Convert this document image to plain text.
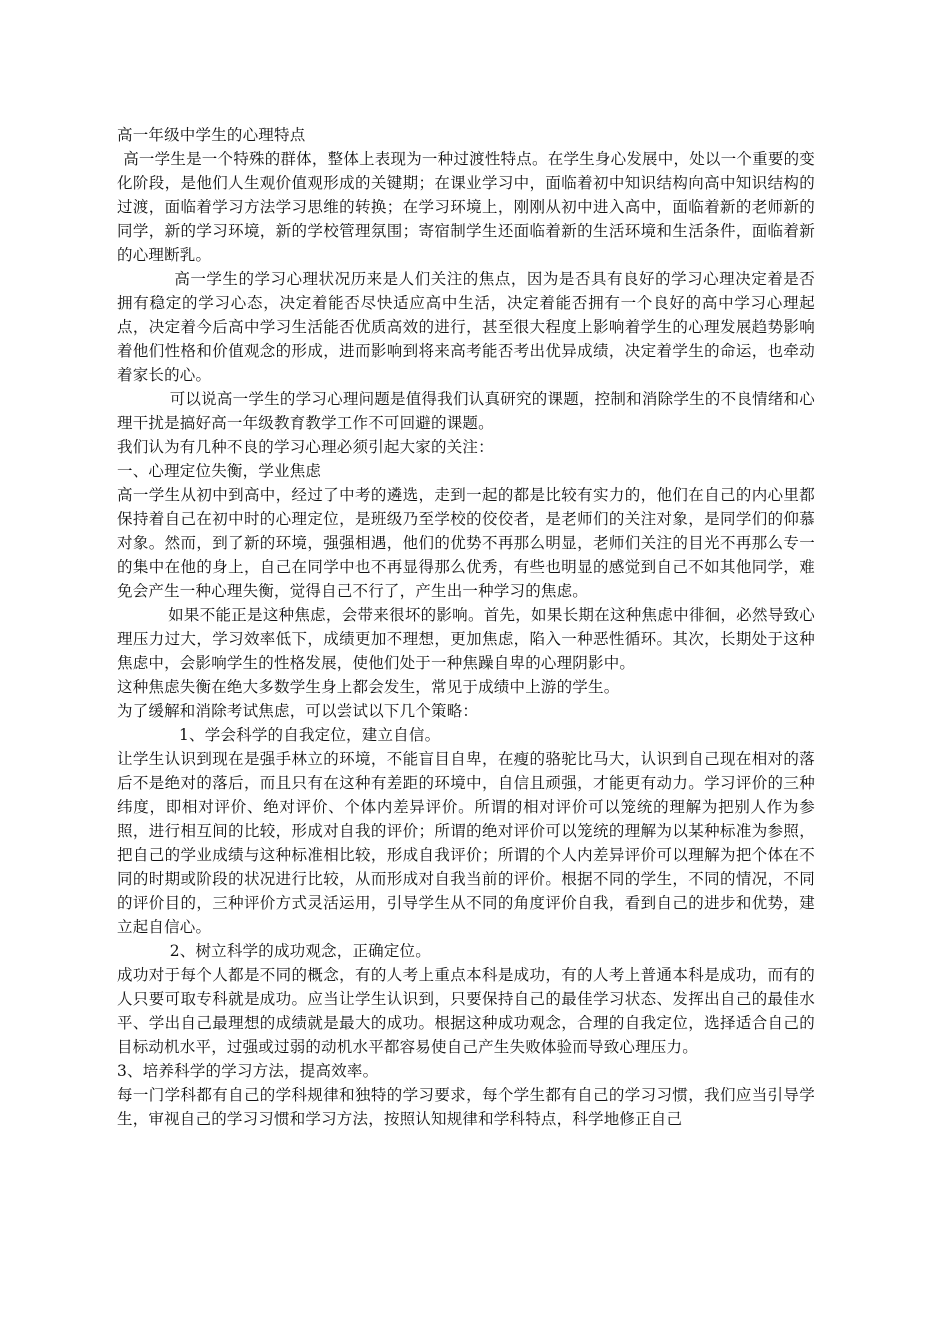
高一年级中学生的心理特点

高一学生是一个特殊的群体，整体上表现为一种过渡性特点。在学生身心发展中，处以一个重要的变化阶段，是他们人生观价值观形成的关键期；在课业学习中，面临着初中知识结构向高中知识结构的过渡，面临着学习方法学习思维的转换；在学习环境上，刚刚从初中进入高中，面临着新的老师新的同学，新的学习环境，新的学校管理氛围；寄宿制学生还面临着新的生活环境和生活条件，面临着新的心理断乳。

高一学生的学习心理状况历来是人们关注的焦点，因为是否具有良好的学习心理决定着是否拥有稳定的学习心态，决定着能否尽快适应高中生活，决定着能否拥有一个良好的高中学习心理起点，决定着今后高中学习生活能否优质高效的进行，甚至很大程度上影响着学生的心理发展趋势影响着他们性格和价值观念的形成，进而影响到将来高考能否考出优异成绩，决定着学生的命运，也牵动着家长的心。

可以说高一学生的学习心理问题是值得我们认真研究的课题，控制和消除学生的不良情绪和心理干扰是搞好高一年级教育教学工作不可回避的课题。

我们认为有几种不良的学习心理必须引起大家的关注：

一、心理定位失衡，学业焦虑

高一学生从初中到高中，经过了中考的遴选，走到一起的都是比较有实力的，他们在自己的内心里都保持着自己在初中时的心理定位，是班级乃至学校的佼佼者，是老师们的关注对象，是同学们的仰慕对象。然而，到了新的环境，强强相遇，他们的优势不再那么明显，老师们关注的目光不再那么专一的集中在他的身上，自己在同学中也不再显得那么优秀，有些也明显的感觉到自己不如其他同学，难免会产生一种心理失衡，觉得自己不行了，产生出一种学习的焦虑。

如果不能正是这种焦虑，会带来很坏的影响。首先，如果长期在这种焦虑中徘徊，必然导致心理压力过大，学习效率低下，成绩更加不理想，更加焦虑，陷入一种恶性循环。其次，长期处于这种焦虑中，会影响学生的性格发展，使他们处于一种焦躁自卑的心理阴影中。

这种焦虑失衡在绝大多数学生身上都会发生，常见于成绩中上游的学生。

为了缓解和消除考试焦虑，可以尝试以下几个策略：

1、学会科学的自我定位，建立自信。

让学生认识到现在是强手林立的环境，不能盲目自卑，在瘦的骆驼比马大，认识到自己现在相对的落后不是绝对的落后，而且只有在这种有差距的环境中，自信且顽强，才能更有动力。学习评价的三种纬度，即相对评价、绝对评价、个体内差异评价。所谓的相对评价可以笼统的理解为把别人作为参照，进行相互间的比较，形成对自我的评价；所谓的绝对评价可以笼统的理解为以某种标准为参照，把自己的学业成绩与这种标准相比较，形成自我评价；所谓的个人内差异评价可以理解为把个体在不同的时期或阶段的状况进行比较，从而形成对自我当前的评价。根据不同的学生，不同的情况，不同的评价目的，三种评价方式灵活运用，引导学生从不同的角度评价自我，看到自己的进步和优势，建立起自信心。

2、树立科学的成功观念，正确定位。

成功对于每个人都是不同的概念，有的人考上重点本科是成功，有的人考上普通本科是成功，而有的人只要可取专科就是成功。应当让学生认识到，只要保持自己的最佳学习状态、发挥出自己的最佳水平、学出自己最理想的成绩就是最大的成功。根据这种成功观念，合理的自我定位，选择适合自己的目标动机水平，过强或过弱的动机水平都容易使自己产生失败体验而导致心理压力。

3、培养科学的学习方法，提高效率。

每一门学科都有自己的学科规律和独特的学习要求，每个学生都有自己的学习习惯，我们应当引导学生，审视自己的学习习惯和学习方法，按照认知规律和学科特点，科学地修正自己
